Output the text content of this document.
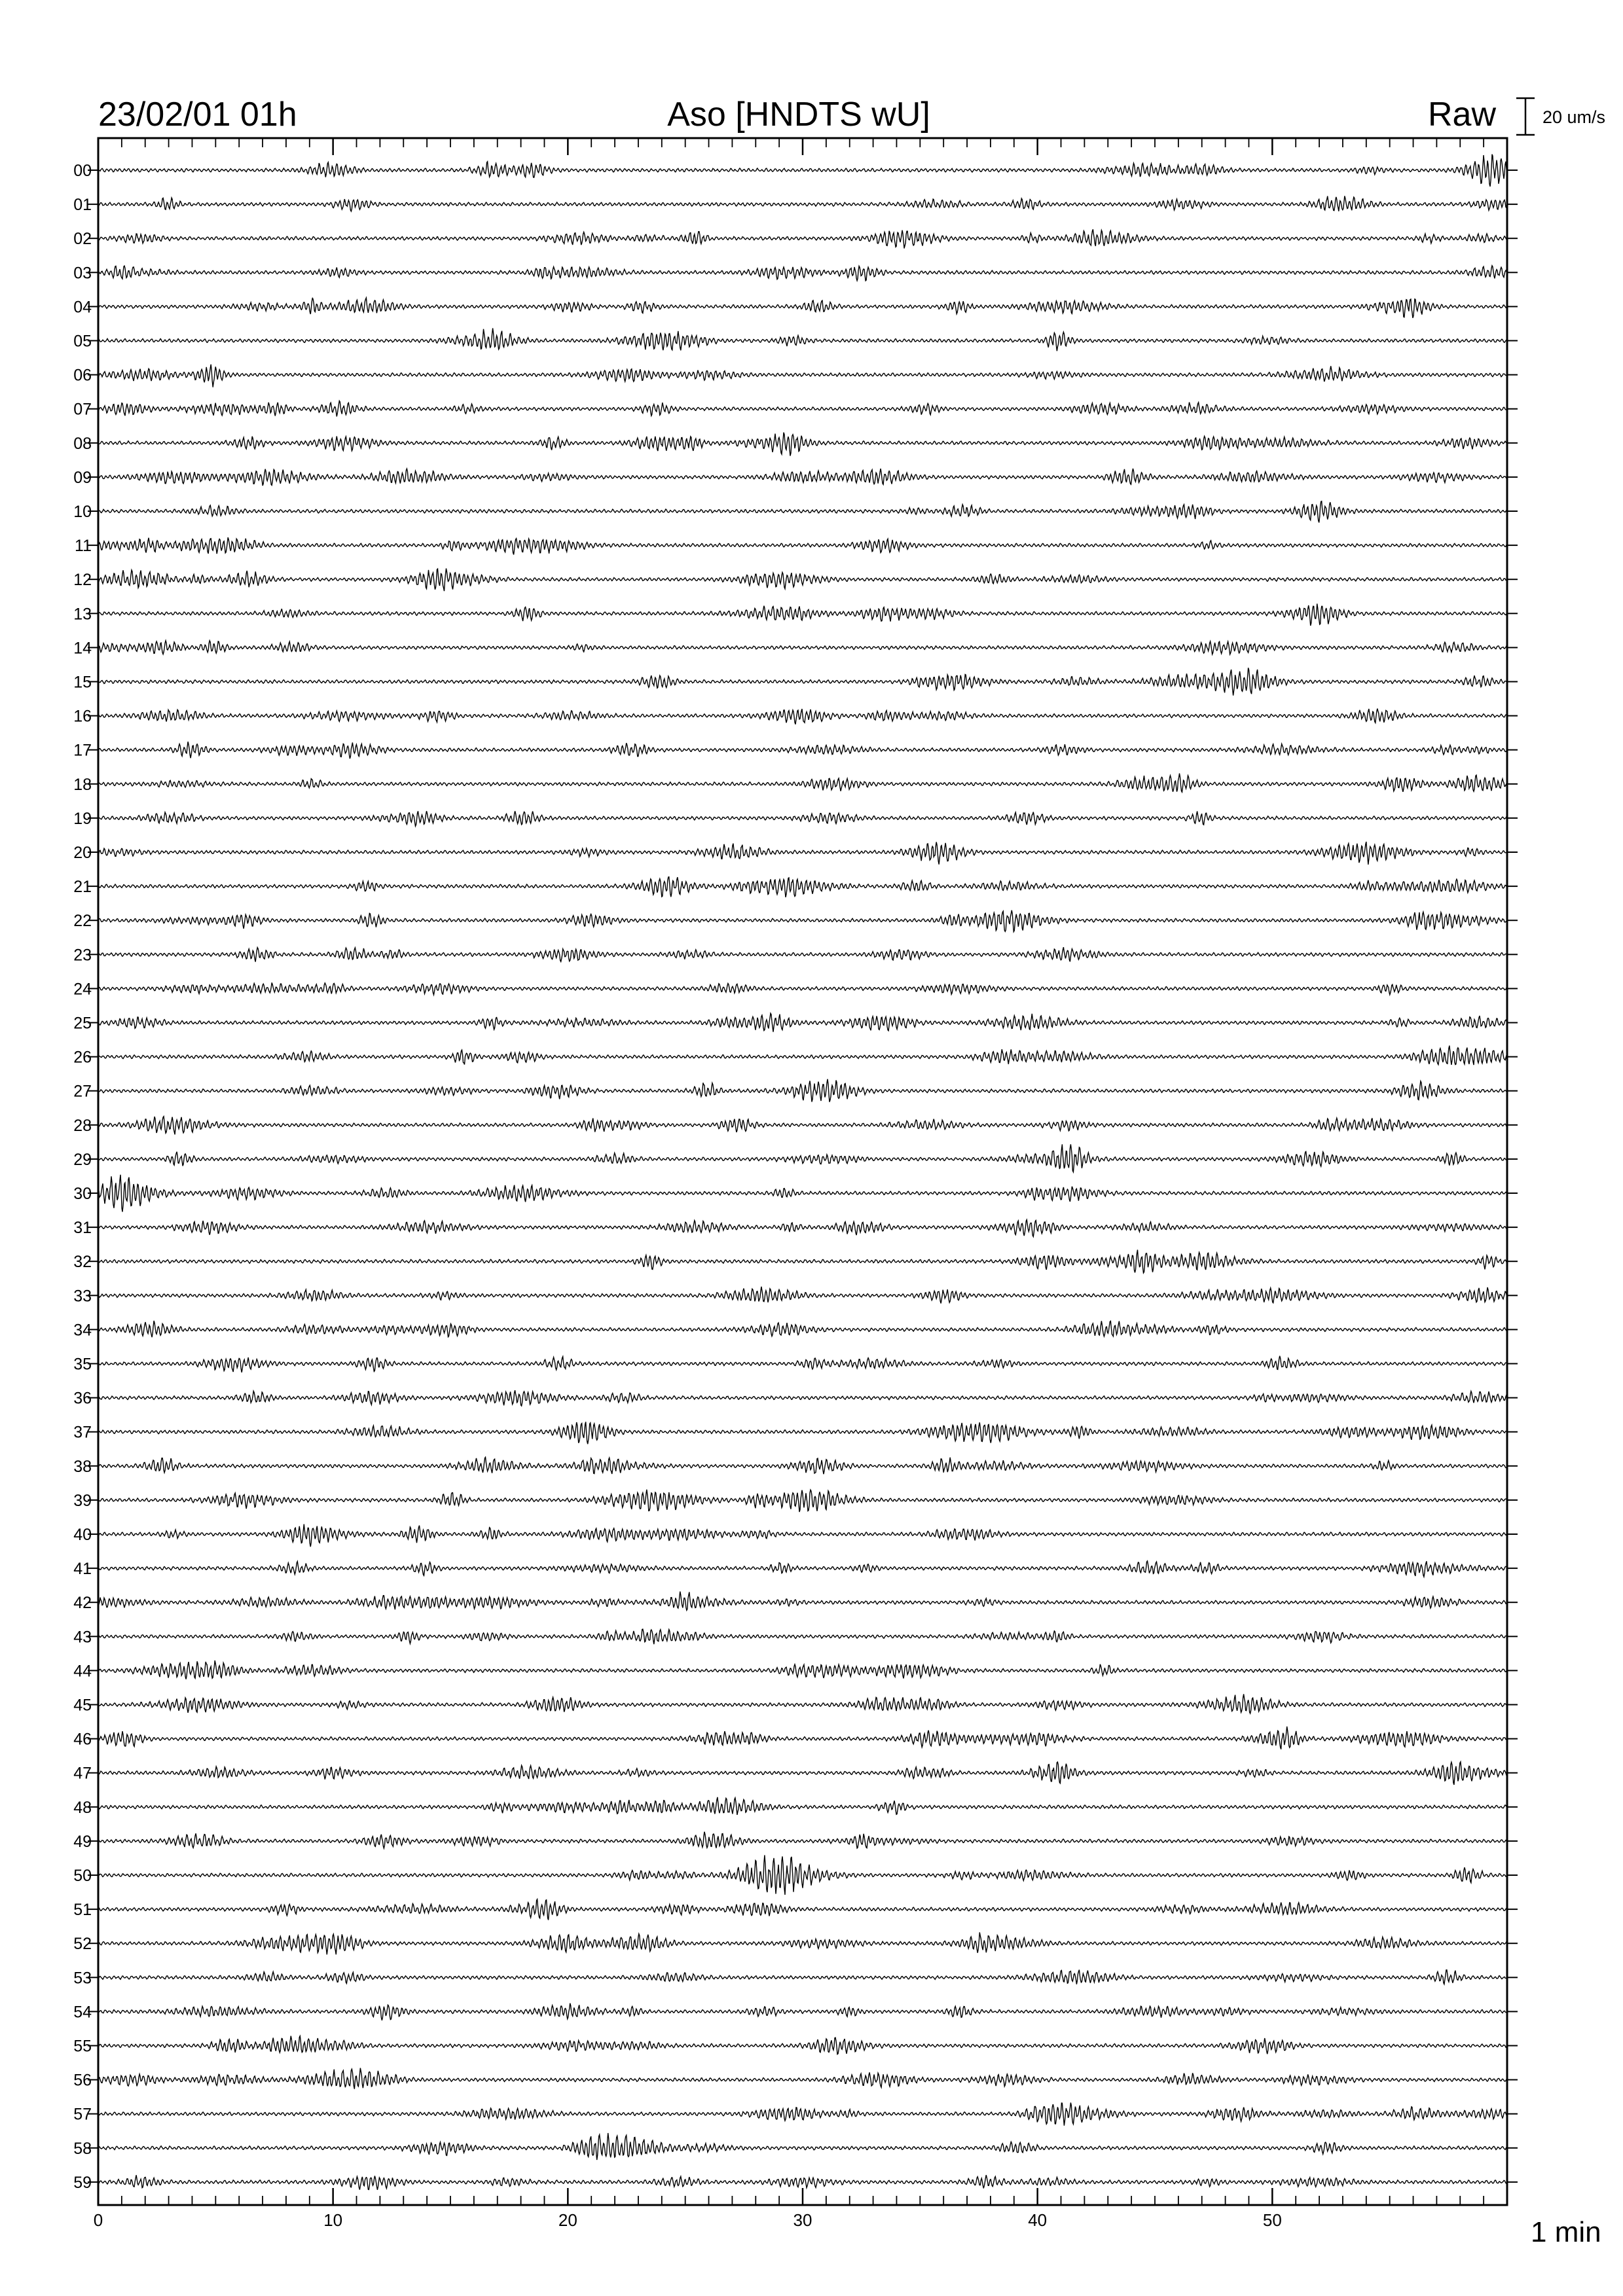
23/02/01 01h	Aso [HNDTS wU]	Raw	20 um/s
00
01
02
03
04
05
06
07
08
09
10
11
12
13
14
15
16
17
18
19
20
21
22
23
24
25
26
27
28
29
30
31
32
33
34
35
36
37
38
39
40
41
42
43
44
45
46
47
48
49
50
51
52
53
54
55
56
57
58
59
0	10	20	30	40	50	1 min
